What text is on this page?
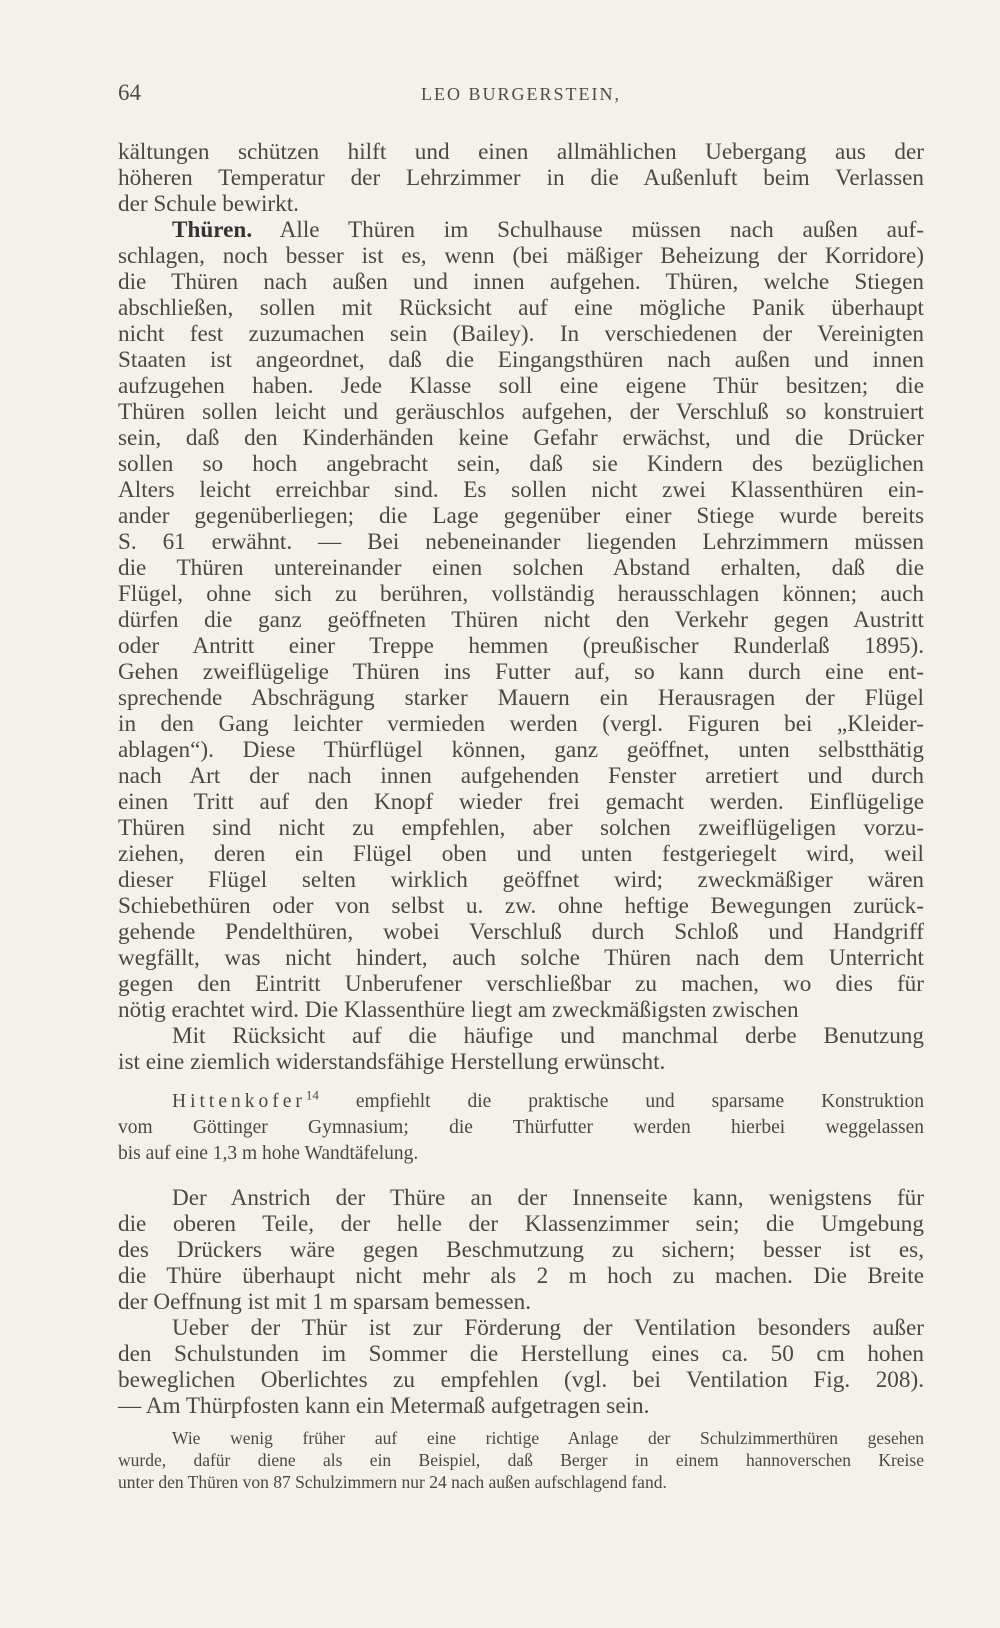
64	LEO BURGERSTEIN,
kältungen schützen hilft und einen allmählichen Uebergang aus der
höheren Temperatur der Lehrzimmer in die Außenluft beim Verlassen
der Schule bewirkt.
Thüren. Alle Thüren im Schulhause müssen nach außen auf-
schlagen, noch besser ist es, wenn (bei mäßiger Beheizung der Korridore)
die Thüren nach außen und innen aufgehen. Thüren, welche Stiegen
abschließen, sollen mit Rücksicht auf eine mögliche Panik überhaupt
nicht fest zuzumachen sein (Bailey). In verschiedenen der Vereinigten
Staaten ist angeordnet, daß die Eingangsthüren nach außen und innen
aufzugehen haben. Jede Klasse soll eine eigene Thür besitzen; die
Thüren sollen leicht und geräuschlos aufgehen, der Verschluß so konstruiert
sein, daß den Kinderhänden keine Gefahr erwächst, und die Drücker
sollen so hoch angebracht sein, daß sie Kindern des bezüglichen
Alters leicht erreichbar sind. Es sollen nicht zwei Klassenthüren ein-
ander gegenüberliegen; die Lage gegenüber einer Stiege wurde bereits
S. 61 erwähnt. — Bei nebeneinander liegenden Lehrzimmern müssen
die Thüren untereinander einen solchen Abstand erhalten, daß die
Flügel, ohne sich zu berühren, vollständig herausschlagen können; auch
dürfen die ganz geöffneten Thüren nicht den Verkehr gegen Austritt
oder Antritt einer Treppe hemmen (preußischer Runderlaß 1895).
Gehen zweiflügelige Thüren ins Futter auf, so kann durch eine ent-
sprechende Abschrägung starker Mauern ein Herausragen der Flügel
in den Gang leichter vermieden werden (vergl. Figuren bei „Kleider-
ablagen“). Diese Thürflügel können, ganz geöffnet, unten selbstthätig
nach Art der nach innen aufgehenden Fenster arretiert und durch
einen Tritt auf den Knopf wieder frei gemacht werden. Einflügelige
Thüren sind nicht zu empfehlen, aber solchen zweiflügeligen vorzu-
ziehen, deren ein Flügel oben und unten festgeriegelt wird, weil
dieser Flügel selten wirklich geöffnet wird; zweckmäßiger wären
Schiebethüren oder von selbst u. zw. ohne heftige Bewegungen zurück-
gehende Pendelthüren, wobei Verschluß durch Schloß und Handgriff
wegfällt, was nicht hindert, auch solche Thüren nach dem Unterricht
gegen den Eintritt Unberufener verschließbar zu machen, wo dies für
nötig erachtet wird. Die Klassenthüre liegt am zweckmäßigsten zwischen
Mit Rücksicht auf die häufige und manchmal derbe Benutzung
ist eine ziemlich widerstandsfähige Herstellung erwünscht.
Hittenkofer$^{14}$ empfiehlt die praktische und sparsame Konstruktion
vom Göttinger Gymnasium; die Thürfutter werden hierbei weggelassen
bis auf eine 1,3 m hohe Wandtäfelung.
Der Anstrich der Thüre an der Innenseite kann, wenigstens für
die oberen Teile, der helle der Klassenzimmer sein; die Umgebung
des Drückers wäre gegen Beschmutzung zu sichern; besser ist es,
die Thüre überhaupt nicht mehr als 2 m hoch zu machen. Die Breite
der Oeffnung ist mit 1 m sparsam bemessen.
Ueber der Thür ist zur Förderung der Ventilation besonders außer
den Schulstunden im Sommer die Herstellung eines ca. 50 cm hohen
beweglichen Oberlichtes zu empfehlen (vgl. bei Ventilation Fig. 208).
— Am Thürpfosten kann ein Metermaß aufgetragen sein.
Wie wenig früher auf eine richtige Anlage der Schulzimmerthüren gesehen
wurde, dafür diene als ein Beispiel, daß Berger in einem hannoverschen Kreise
unter den Thüren von 87 Schulzimmern nur 24 nach außen aufschlagend fand.
